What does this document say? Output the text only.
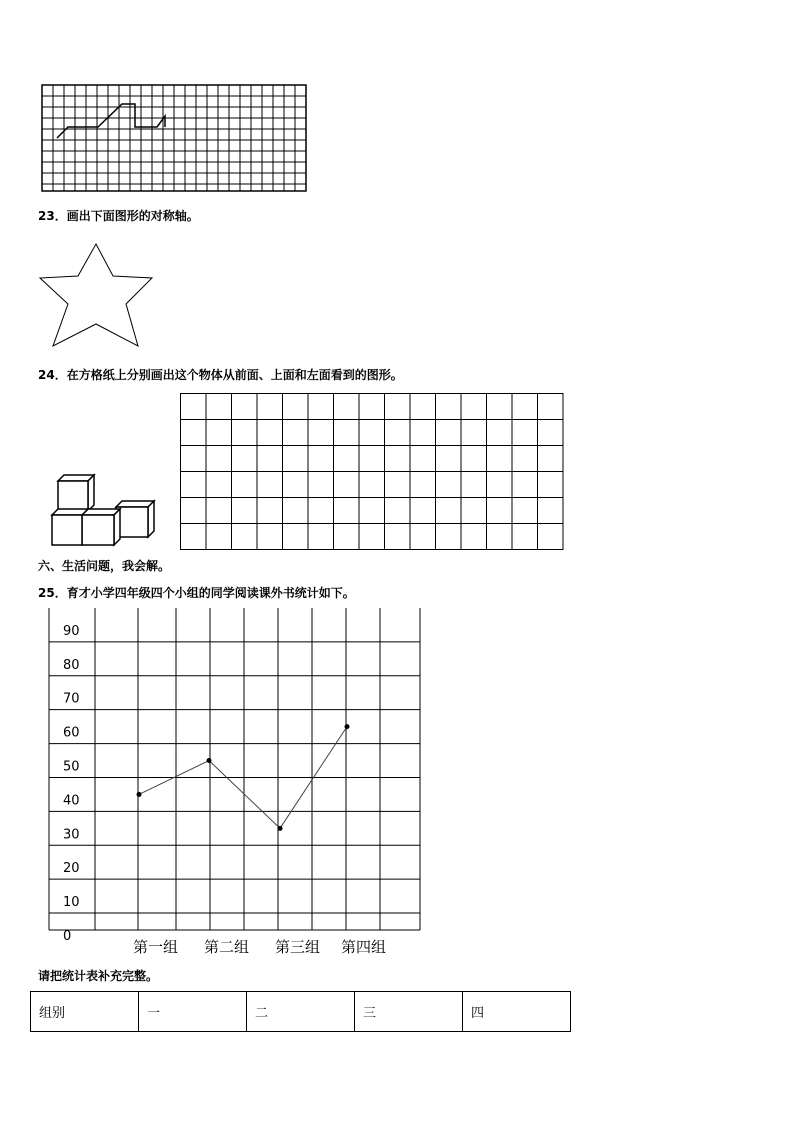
23．画出下面图形的对称轴。
24．在方格纸上分别画出这个物体从前面、上面和左面看到的图形。
六、生活问题，我会解。
25．育才小学四年级四个小组的同学阅读课外书统计如下。
90
80
70
60
50
40
30
20
10
0
第一组 第二组 第三组 第四组
请把统计表补充完整。
组别	一	二	三	四
